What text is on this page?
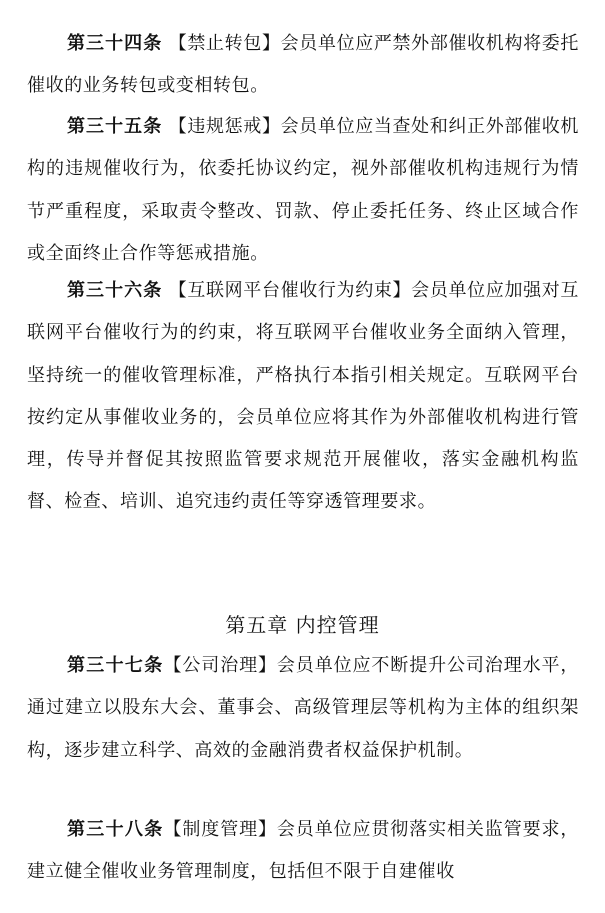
第三十四条 【禁止转包】会员单位应严禁外部催收机构将委托催收的业务转包或变相转包。

第三十五条 【违规惩戒】会员单位应当查处和纠正外部催收机构的违规催收行为，依委托协议约定，视外部催收机构违规行为情节严重程度，采取责令整改、罚款、停止委托任务、终止区域合作或全面终止合作等惩戒措施。

第三十六条 【互联网平台催收行为约束】会员单位应加强对互联网平台催收行为的约束，将互联网平台催收业务全面纳入管理，坚持统一的催收管理标准，严格执行本指引相关规定。互联网平台按约定从事催收业务的，会员单位应将其作为外部催收机构进行管理，传导并督促其按照监管要求规范开展催收，落实金融机构监督、检查、培训、追究违约责任等穿透管理要求。

第五章 内控管理

第三十七条【公司治理】会员单位应不断提升公司治理水平，通过建立以股东大会、董事会、高级管理层等机构为主体的组织架构，逐步建立科学、高效的金融消费者权益保护机制。

第三十八条【制度管理】会员单位应贯彻落实相关监管要求，建立健全催收业务管理制度，包括但不限于自建催收
